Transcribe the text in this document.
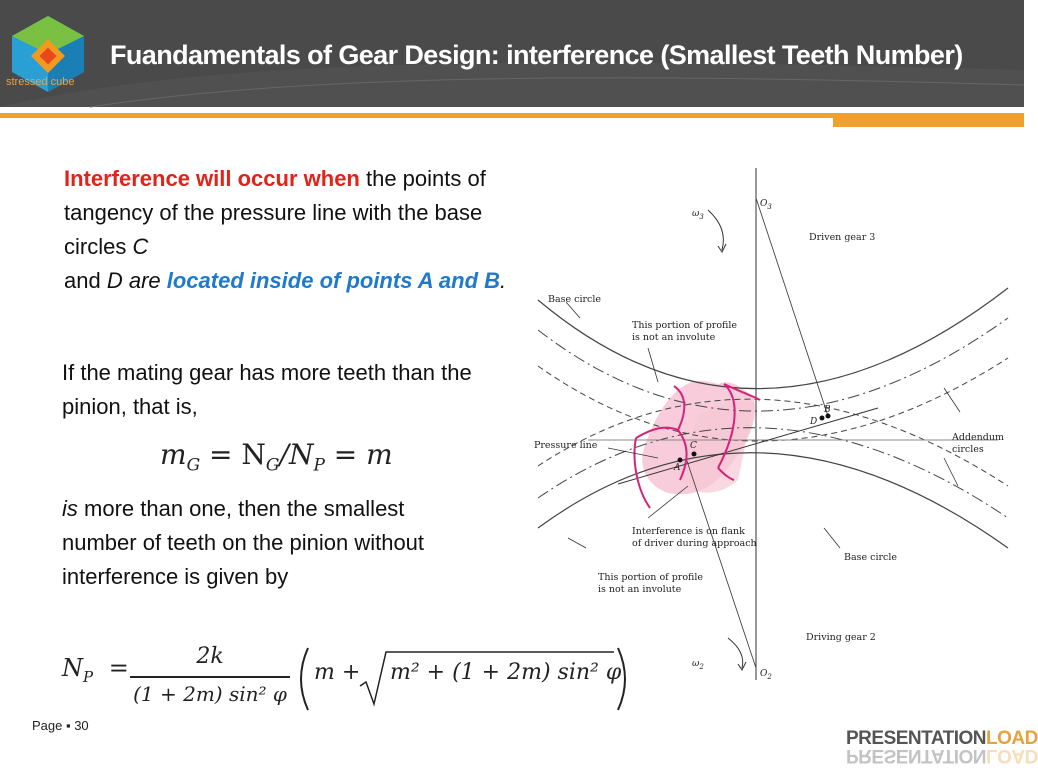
stressed cube
Fuandamentals of Gear Design: interference (Smallest Teeth Number)
Interference will occur when the points of tangency of the pressure line with the base circles C
and D are located inside of points A and B.
If the mating gear has more teeth than the pinion, that is,
$m_G = N_G/N_P = m$
is more than one, then the smallest number of teeth on the pinion without interference is given by
$N_P$ =	2k
(1 + 2m) sin² φ
m + m² + (1 + 2m) sin² φ
$O_3$
$O_2$
$\omega_3$
$\omega_2$
Driven gear 3
Driving gear 2
Base circle
Base circle
This portion of profile
is not an involute
This portion of profile
is not an involute
Pressure line
Addendum
circles
Interference is on flank
of driver during approach
A
C
D
B
Page ▪ 30
PRESENTATIONLOAD
PRESENTATIONLOAD
